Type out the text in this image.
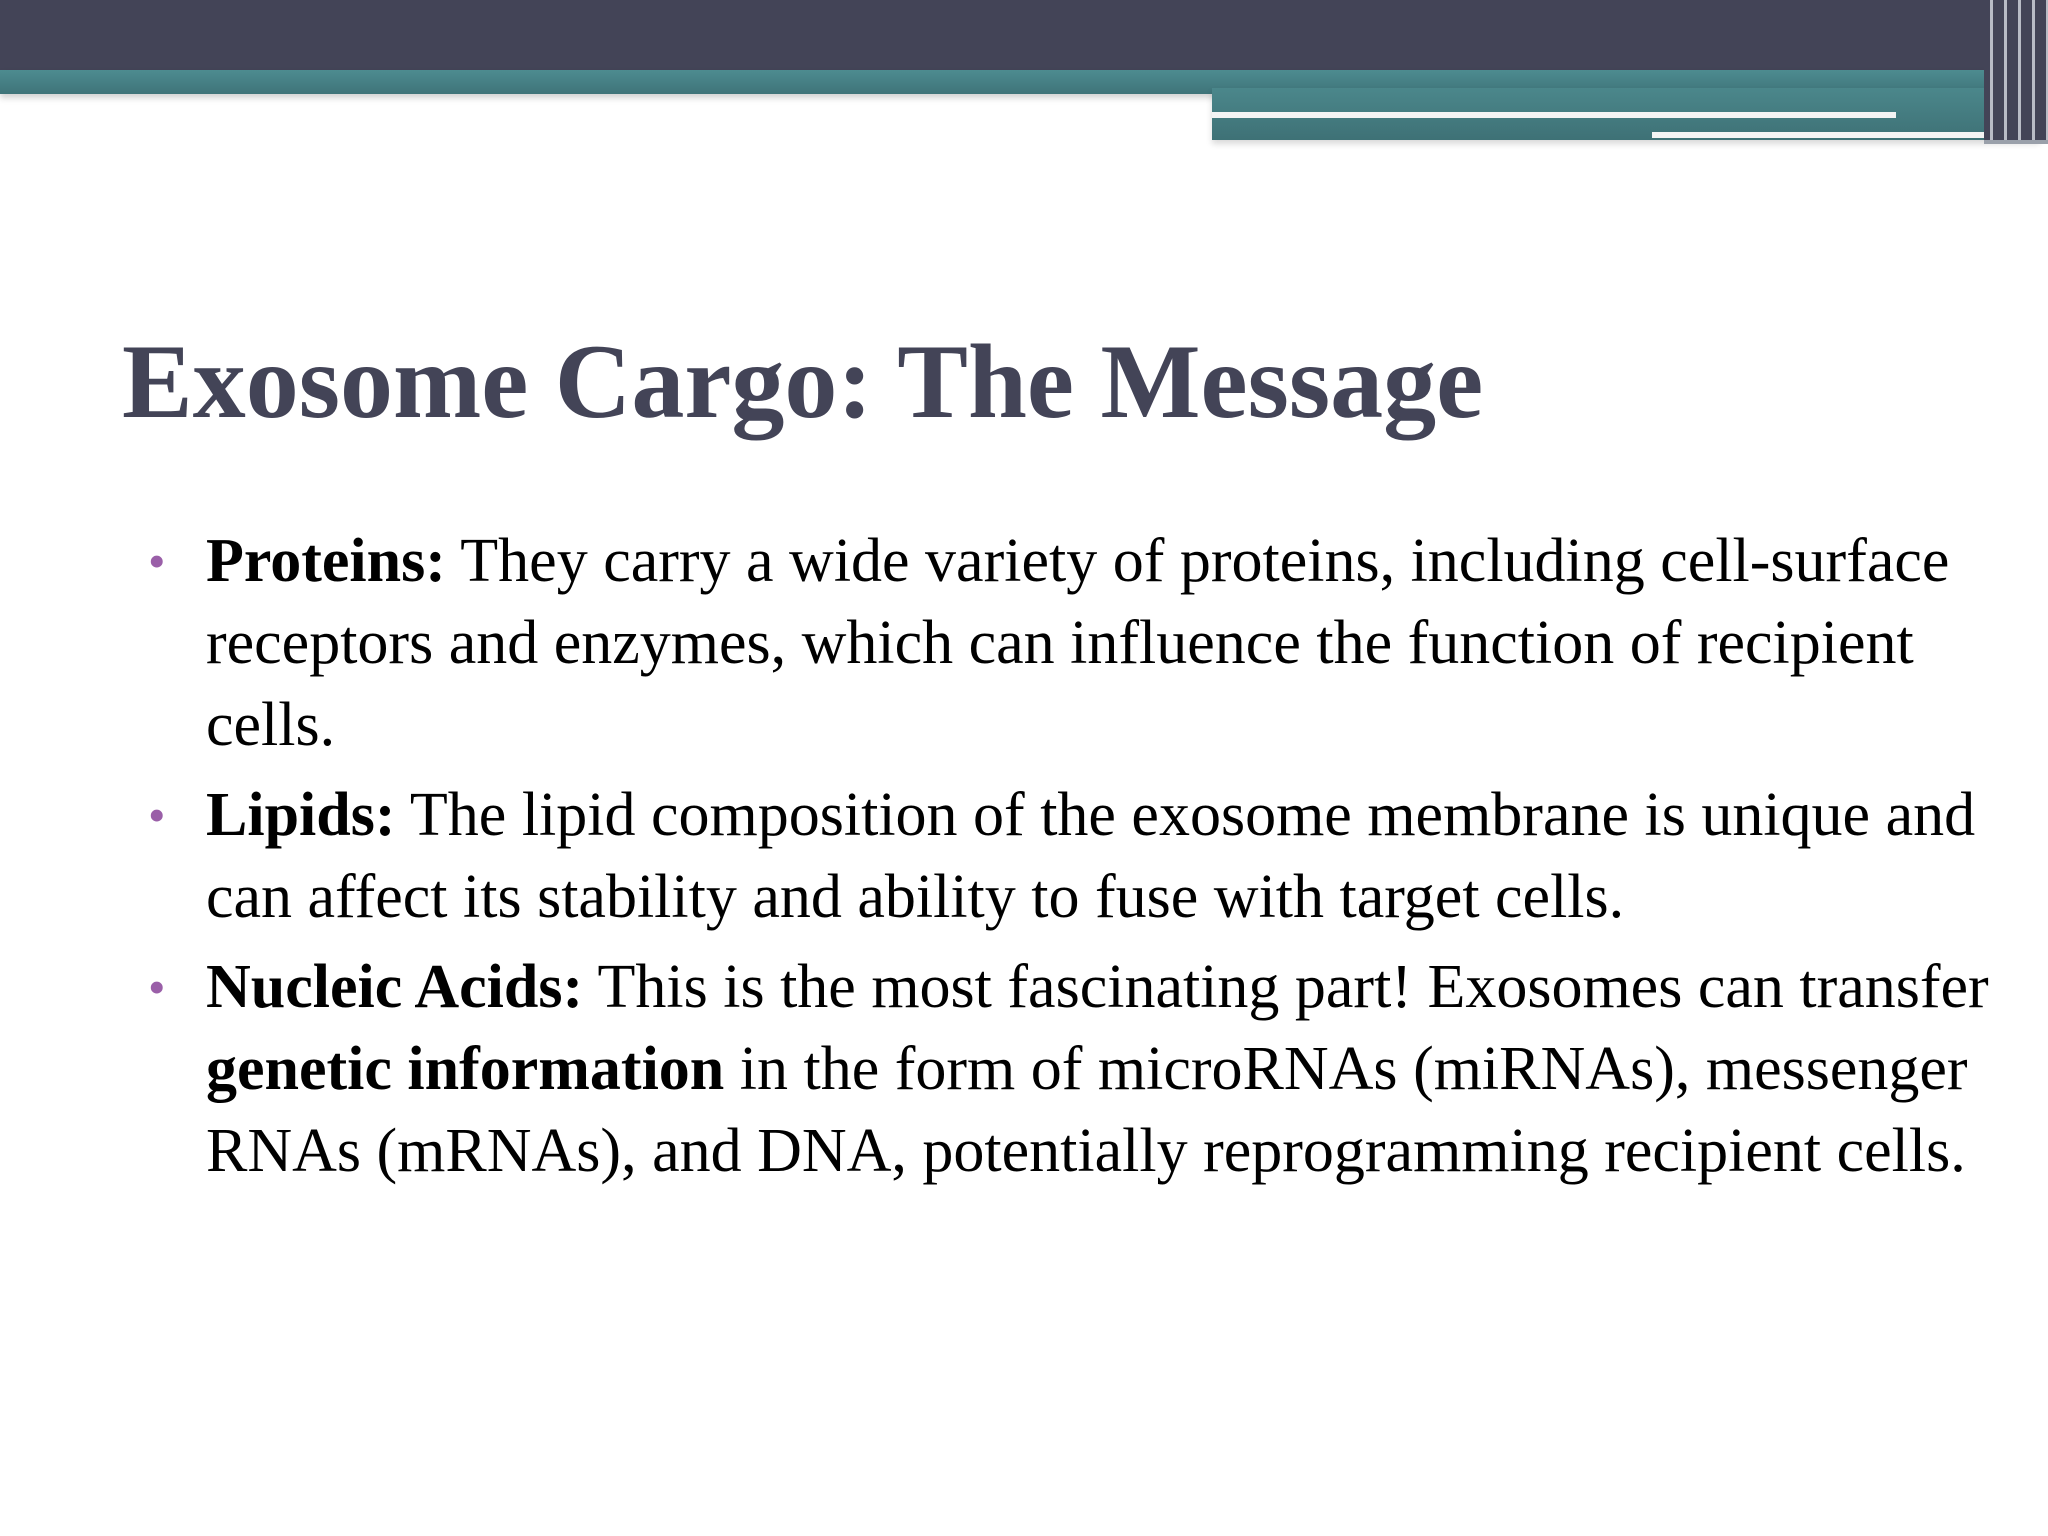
Exosome Cargo: The Message
• Proteins: They carry a wide variety of proteins, including cell-surface receptors and enzymes, which can influence the function of recipient cells.
• Lipids: The lipid composition of the exosome membrane is unique and can affect its stability and ability to fuse with target cells.
• Nucleic Acids: This is the most fascinating part! Exosomes can transfer genetic information in the form of microRNAs (miRNAs), messenger RNAs (mRNAs), and DNA, potentially reprogramming recipient cells.
